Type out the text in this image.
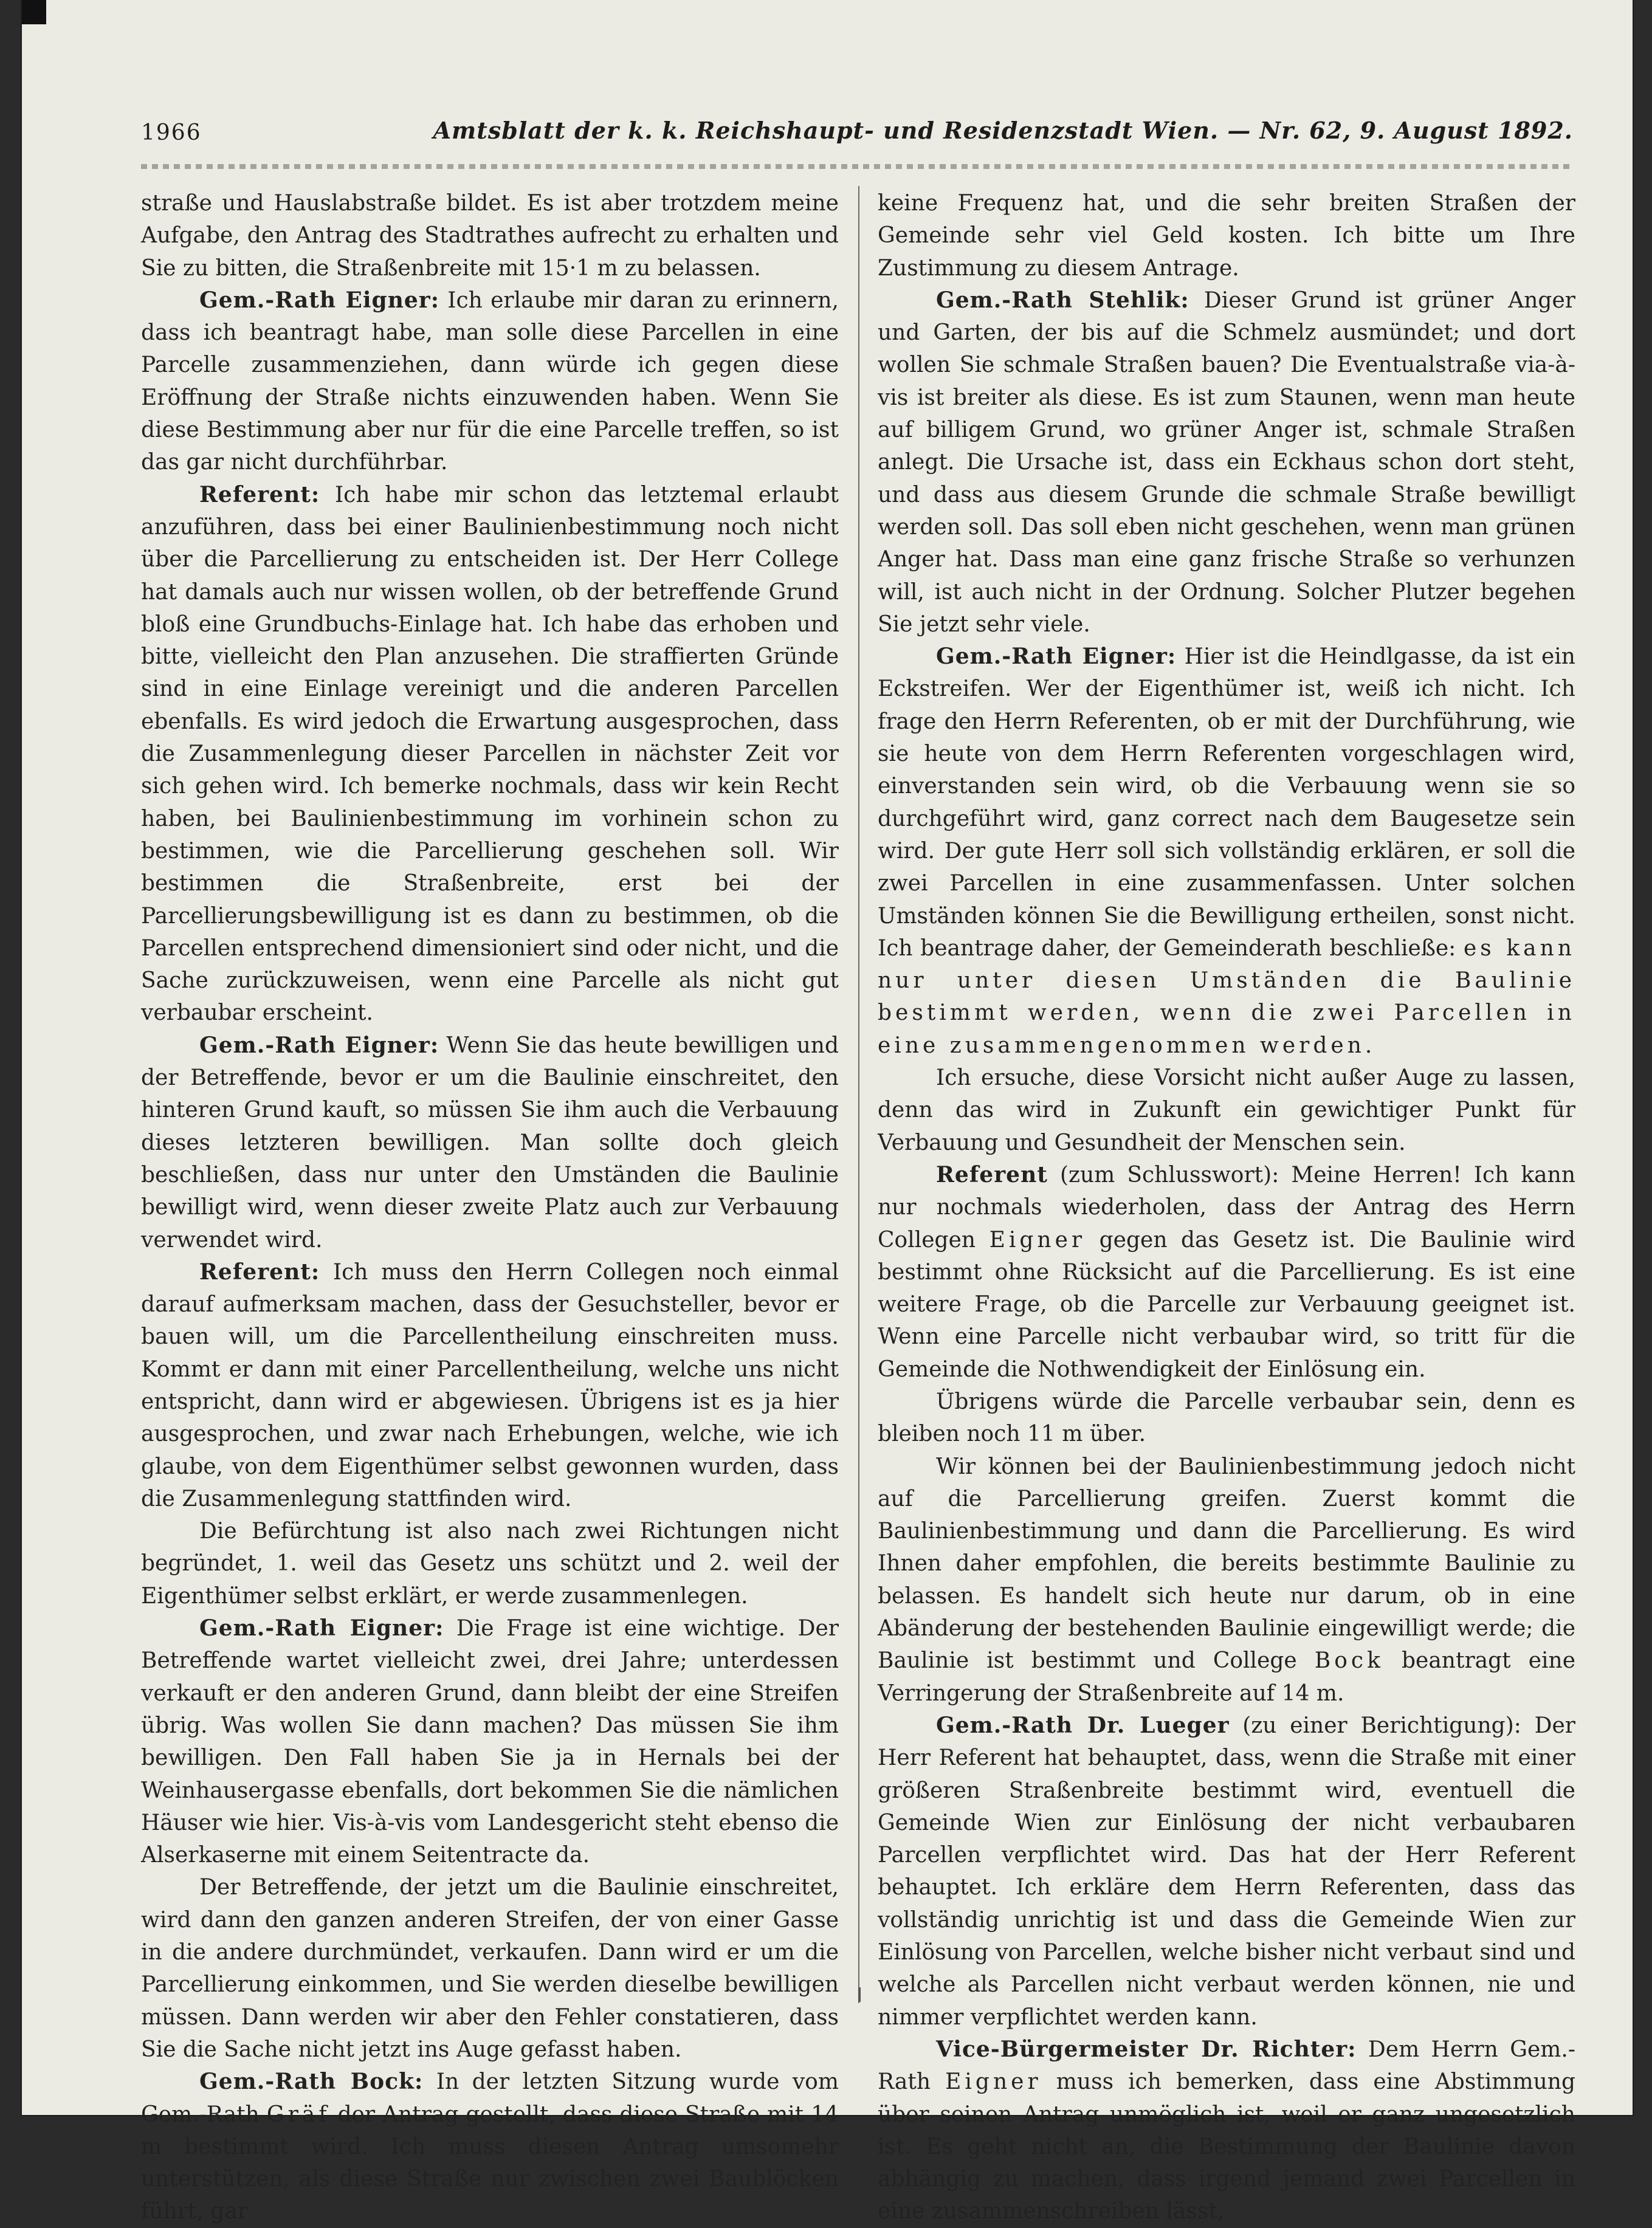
1966	Amtsblatt der k. k. Reichshaupt- und Residenzstadt Wien. — Nr. 62, 9. August 1892.

straße und Hauslabstraße bildet. Es ist aber trotzdem meine Aufgabe, den Antrag des Stadtrathes aufrecht zu erhalten und Sie zu bitten, die Straßenbreite mit 15·1 m zu belassen.

Gem.-Rath Eigner: Ich erlaube mir daran zu erinnern, dass ich beantragt habe, man solle diese Parcellen in eine Parcelle zusammenziehen, dann würde ich gegen diese Eröffnung der Straße nichts einzuwenden haben. Wenn Sie diese Bestimmung aber nur für die eine Parcelle treffen, so ist das gar nicht durchführbar.

Referent: Ich habe mir schon das letztemal erlaubt anzuführen, dass bei einer Baulinienbestimmung noch nicht über die Parcellierung zu entscheiden ist. Der Herr College hat damals auch nur wissen wollen, ob der betreffende Grund bloß eine Grundbuchs-Einlage hat. Ich habe das erhoben und bitte, vielleicht den Plan anzusehen. Die straffierten Gründe sind in eine Einlage vereinigt und die anderen Parcellen ebenfalls. Es wird jedoch die Erwartung ausgesprochen, dass die Zusammenlegung dieser Parcellen in nächster Zeit vor sich gehen wird. Ich bemerke nochmals, dass wir kein Recht haben, bei Baulinienbestimmung im vorhinein schon zu bestimmen, wie die Parcellierung geschehen soll. Wir bestimmen die Straßenbreite, erst bei der Parcellierungsbewilligung ist es dann zu bestimmen, ob die Parcellen entsprechend dimensioniert sind oder nicht, und die Sache zurückzuweisen, wenn eine Parcelle als nicht gut verbaubar erscheint.

Gem.-Rath Eigner: Wenn Sie das heute bewilligen und der Betreffende, bevor er um die Baulinie einschreitet, den hinteren Grund kauft, so müssen Sie ihm auch die Verbauung dieses letzteren bewilligen. Man sollte doch gleich beschließen, dass nur unter den Umständen die Baulinie bewilligt wird, wenn dieser zweite Platz auch zur Verbauung verwendet wird.

Referent: Ich muss den Herrn Collegen noch einmal darauf aufmerksam machen, dass der Gesuchsteller, bevor er bauen will, um die Parcellentheilung einschreiten muss. Kommt er dann mit einer Parcellentheilung, welche uns nicht entspricht, dann wird er abgewiesen. Übrigens ist es ja hier ausgesprochen, und zwar nach Erhebungen, welche, wie ich glaube, von dem Eigenthümer selbst gewonnen wurden, dass die Zusammenlegung stattfinden wird.

Die Befürchtung ist also nach zwei Richtungen nicht begründet, 1. weil das Gesetz uns schützt und 2. weil der Eigenthümer selbst erklärt, er werde zusammenlegen.

Gem.-Rath Eigner: Die Frage ist eine wichtige. Der Betreffende wartet vielleicht zwei, drei Jahre; unterdessen verkauft er den anderen Grund, dann bleibt der eine Streifen übrig. Was wollen Sie dann machen? Das müssen Sie ihm bewilligen. Den Fall haben Sie ja in Hernals bei der Weinhausergasse ebenfalls, dort bekommen Sie die nämlichen Häuser wie hier. Vis-à-vis vom Landesgericht steht ebenso die Alserkaserne mit einem Seitentracte da.

Der Betreffende, der jetzt um die Baulinie einschreitet, wird dann den ganzen anderen Streifen, der von einer Gasse in die andere durchmündet, verkaufen. Dann wird er um die Parcellierung einkommen, und Sie werden dieselbe bewilligen müssen. Dann werden wir aber den Fehler constatieren, dass Sie die Sache nicht jetzt ins Auge gefasst haben.

Gem.-Rath Bock: In der letzten Sitzung wurde vom Gem.-Rath Gräf der Antrag gestellt, dass diese Straße mit 14 m bestimmt wird. Ich muss diesen Antrag umsomehr unterstützen, als diese Straße nur zwischen zwei Baublöcken führt, gar

keine Frequenz hat, und die sehr breiten Straßen der Gemeinde sehr viel Geld kosten. Ich bitte um Ihre Zustimmung zu diesem Antrage.

Gem.-Rath Stehlik: Dieser Grund ist grüner Anger und Garten, der bis auf die Schmelz ausmündet; und dort wollen Sie schmale Straßen bauen? Die Eventualstraße via-à-vis ist breiter als diese. Es ist zum Staunen, wenn man heute auf billigem Grund, wo grüner Anger ist, schmale Straßen anlegt. Die Ursache ist, dass ein Eckhaus schon dort steht, und dass aus diesem Grunde die schmale Straße bewilligt werden soll. Das soll eben nicht geschehen, wenn man grünen Anger hat. Dass man eine ganz frische Straße so verhunzen will, ist auch nicht in der Ordnung. Solcher Plutzer begehen Sie jetzt sehr viele.

Gem.-Rath Eigner: Hier ist die Heindlgasse, da ist ein Eckstreifen. Wer der Eigenthümer ist, weiß ich nicht. Ich frage den Herrn Referenten, ob er mit der Durchführung, wie sie heute von dem Herrn Referenten vorgeschlagen wird, einverstanden sein wird, ob die Verbauung wenn sie so durchgeführt wird, ganz correct nach dem Baugesetze sein wird. Der gute Herr soll sich vollständig erklären, er soll die zwei Parcellen in eine zusammenfassen. Unter solchen Umständen können Sie die Bewilligung ertheilen, sonst nicht. Ich beantrage daher, der Gemeinderath beschließe: es kann nur unter diesen Umständen die Baulinie bestimmt werden, wenn die zwei Parcellen in eine zusammengenommen werden.

Ich ersuche, diese Vorsicht nicht außer Auge zu lassen, denn das wird in Zukunft ein gewichtiger Punkt für Verbauung und Gesundheit der Menschen sein.

Referent (zum Schlusswort): Meine Herren! Ich kann nur nochmals wiederholen, dass der Antrag des Herrn Collegen Eigner gegen das Gesetz ist. Die Baulinie wird bestimmt ohne Rücksicht auf die Parcellierung. Es ist eine weitere Frage, ob die Parcelle zur Verbauung geeignet ist. Wenn eine Parcelle nicht verbaubar wird, so tritt für die Gemeinde die Nothwendigkeit der Einlösung ein.

Übrigens würde die Parcelle verbaubar sein, denn es bleiben noch 11 m über.

Wir können bei der Baulinienbestimmung jedoch nicht auf die Parcellierung greifen. Zuerst kommt die Baulinienbestimmung und dann die Parcellierung. Es wird Ihnen daher empfohlen, die bereits bestimmte Baulinie zu belassen. Es handelt sich heute nur darum, ob in eine Abänderung der bestehenden Baulinie eingewilligt werde; die Baulinie ist bestimmt und College Bock beantragt eine Verringerung der Straßenbreite auf 14 m.

Gem.-Rath Dr. Lueger (zu einer Berichtigung): Der Herr Referent hat behauptet, dass, wenn die Straße mit einer größeren Straßenbreite bestimmt wird, eventuell die Gemeinde Wien zur Einlösung der nicht verbaubaren Parcellen verpflichtet wird. Das hat der Herr Referent behauptet. Ich erkläre dem Herrn Referenten, dass das vollständig unrichtig ist und dass die Gemeinde Wien zur Einlösung von Parcellen, welche bisher nicht verbaut sind und welche als Parcellen nicht verbaut werden können, nie und nimmer verpflichtet werden kann.

Vice-Bürgermeister Dr. Richter: Dem Herrn Gem.-Rath Eigner muss ich bemerken, dass eine Abstimmung über seinen Antrag unmöglich ist, weil er ganz ungesetzlich ist. Es geht nicht an, die Bestimmung der Baulinie davon abhängig zu machen, dass irgend jemand zwei Parcellen in eine zusammenschreiben lässt,
